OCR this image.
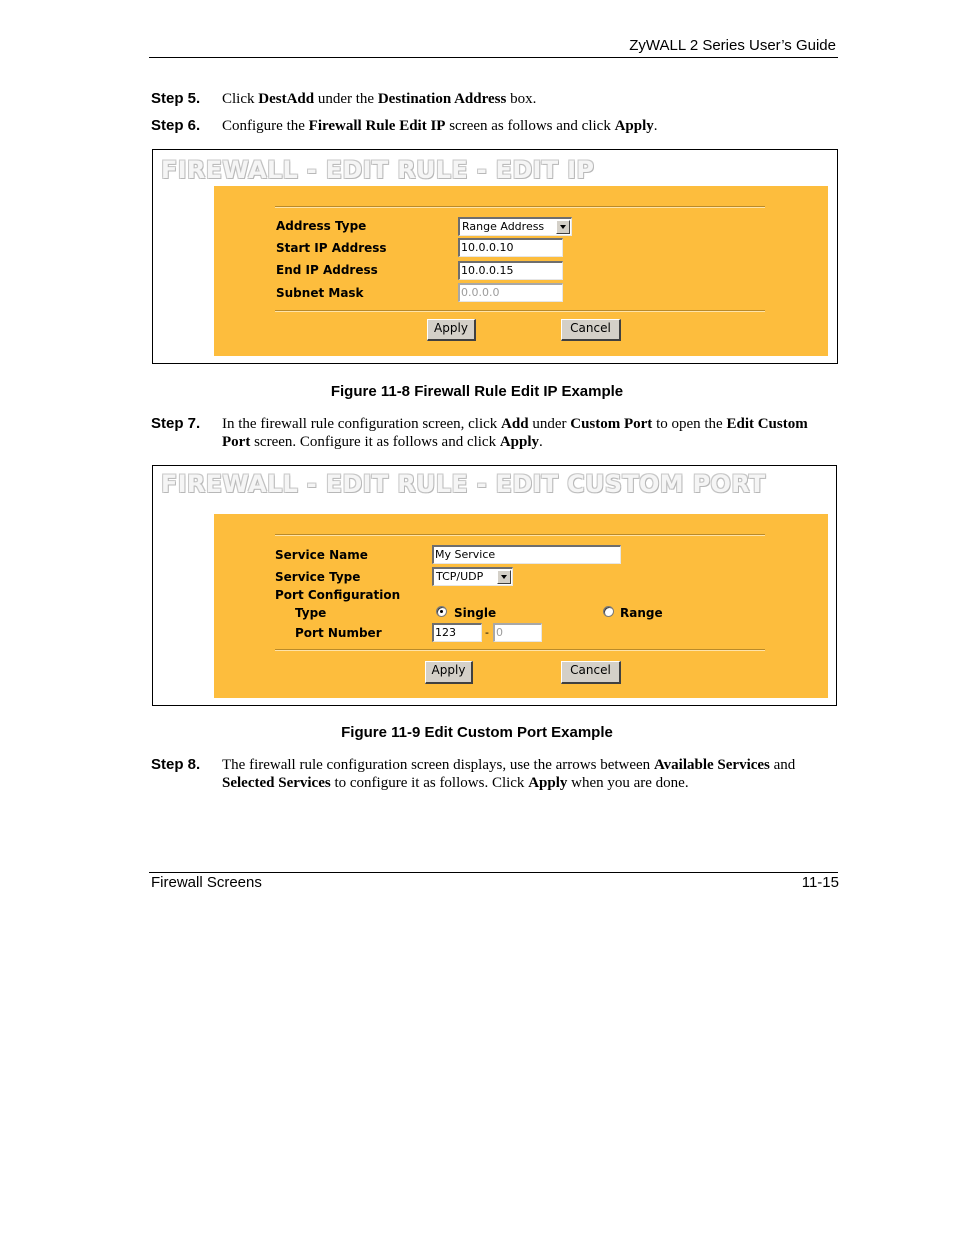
ZyWALL 2 Series User’s Guide
Step 5. Click DestAdd under the Destination Address box.
Step 6. Configure the Firewall Rule Edit IP screen as follows and click Apply.
FIREWALL - EDIT RULE - EDIT IP
Address Type	Range Address
Start IP Address	10.0.0.10
End IP Address	10.0.0.15
Subnet Mask	0.0.0.0
Apply	Cancel
Figure 11-8 Firewall Rule Edit IP Example
Step 7. In the firewall rule configuration screen, click Add under Custom Port to open the Edit Custom
Port screen. Configure it as follows and click Apply.
FIREWALL - EDIT RULE - EDIT CUSTOM PORT
Service Name	My Service
Service Type	TCP/UDP
Port Configuration
Type	Single	Range
Port Number	123	- 0
Apply	Cancel
Figure 11-9 Edit Custom Port Example
Step 8. The firewall rule configuration screen displays, use the arrows between Available Services and
Selected Services to configure it as follows. Click Apply when you are done.
Firewall Screens	11-15
